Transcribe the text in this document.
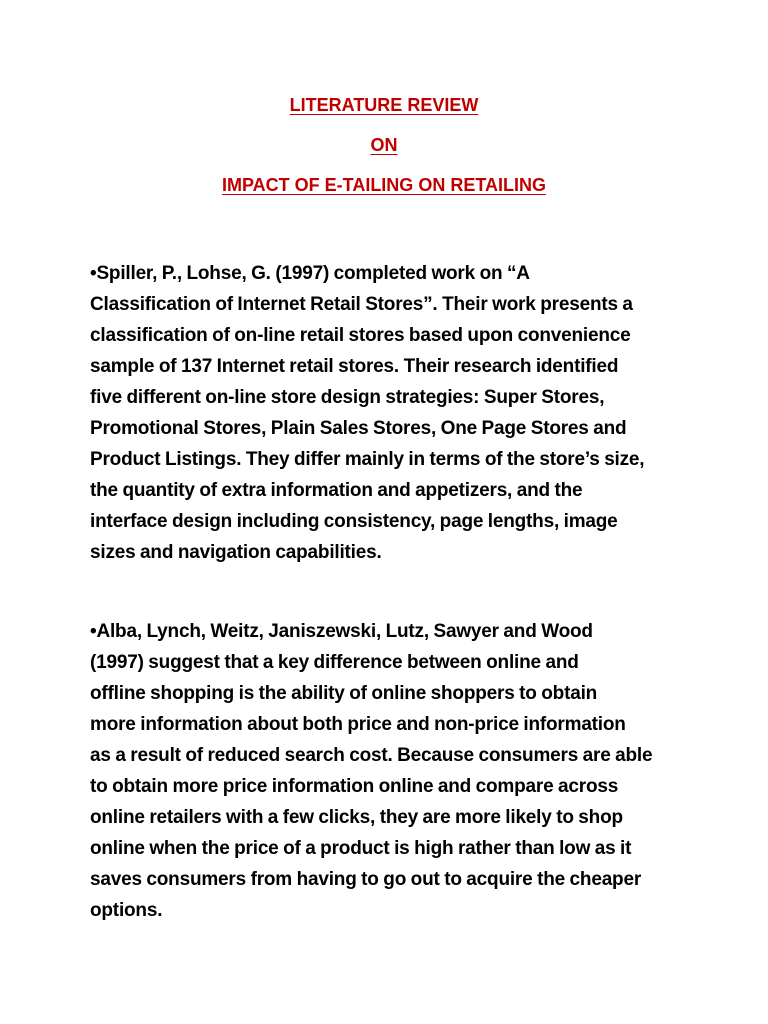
LITERATURE REVIEW
ON
IMPACT OF E-TAILING ON RETAILING

•Spiller, P., Lohse, G. (1997) completed work on “A
Classification of Internet Retail Stores”. Their work presents a
classification of on-line retail stores based upon convenience
sample of 137 Internet retail stores. Their research identified
five different on-line store design strategies: Super Stores,
Promotional Stores, Plain Sales Stores, One Page Stores and
Product Listings. They differ mainly in terms of the store’s size,
the quantity of extra information and appetizers, and the
interface design including consistency, page lengths, image
sizes and navigation capabilities.

•Alba, Lynch, Weitz, Janiszewski, Lutz, Sawyer and Wood
(1997) suggest that a key difference between online and
offline shopping is the ability of online shoppers to obtain
more information about both price and non-price information
as a result of reduced search cost. Because consumers are able
to obtain more price information online and compare across
online retailers with a few clicks, they are more likely to shop
online when the price of a product is high rather than low as it
saves consumers from having to go out to acquire the cheaper
options.
